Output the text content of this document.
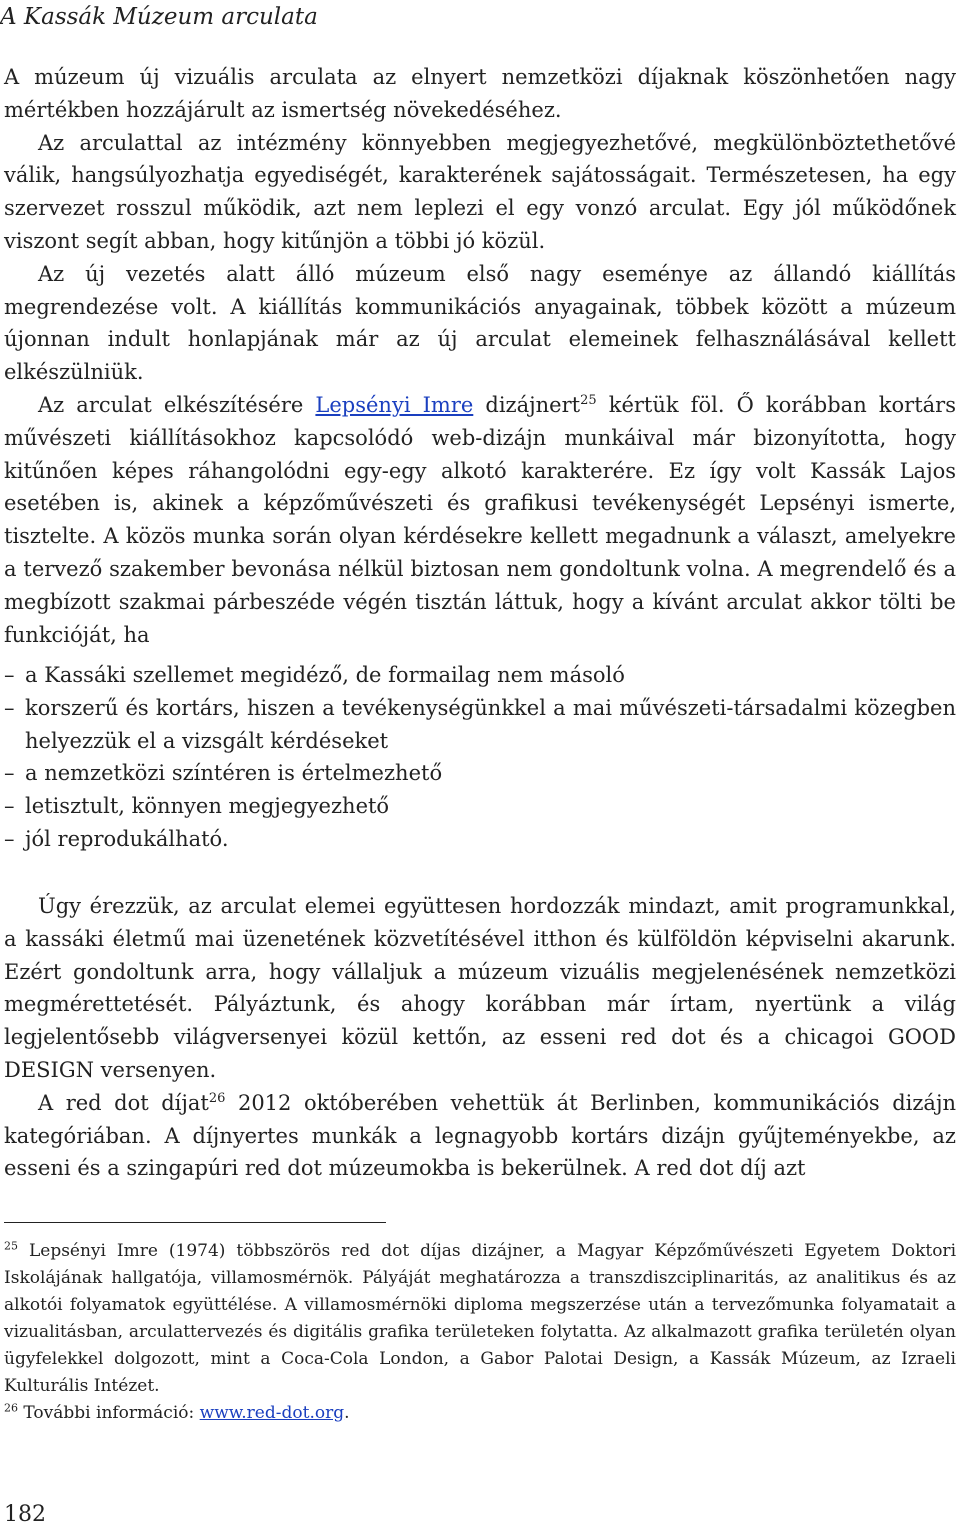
A Kassák Múzeum arculata

A múzeum új vizuális arculata az elnyert nemzetközi díjaknak köszönhetően nagy mértékben hozzájárult az ismertség növekedéséhez.

Az arculattal az intézmény könnyebben megjegyezhetővé, megkülönböztethetővé válik, hangsúlyozhatja egyediségét, karakterének sajátosságait. Természetesen, ha egy szervezet rosszul működik, azt nem leplezi el egy vonzó arculat. Egy jól működőnek viszont segít abban, hogy kitűnjön a többi jó közül.

Az új vezetés alatt álló múzeum első nagy eseménye az állandó kiállítás megrendezése volt. A kiállítás kommunikációs anyagainak, többek között a múzeum újonnan indult honlapjának már az új arculat elemeinek felhasználásával kellett elkészülniük.

Az arculat elkészítésére Lepsényi Imre dizájnert$^{25}$ kértük föl. Ő korábban kortárs művészeti kiállításokhoz kapcsolódó web-dizájn munkáival már bizonyította, hogy kitűnően képes ráhangolódni egy-egy alkotó karakterére. Ez így volt Kassák Lajos esetében is, akinek a képzőművészeti és grafikusi tevékenységét Lepsényi ismerte, tisztelte. A közös munka során olyan kérdésekre kellett megadnunk a választ, amelyekre a tervező szakember bevonása nélkül biztosan nem gondoltunk volna. A megrendelő és a megbízott szakmai párbeszéde végén tisztán láttuk, hogy a kívánt arculat akkor tölti be funkcióját, ha

– a Kassáki szellemet megidéző, de formailag nem másoló
– korszerű és kortárs, hiszen a tevékenységünkkel a mai művészeti-társadalmi közegben helyezzük el a vizsgált kérdéseket
– a nemzetközi színtéren is értelmezhető
– letisztult, könnyen megjegyezhető
– jól reprodukálható.

Úgy érezzük, az arculat elemei együttesen hordozzák mindazt, amit programunkkal, a kassáki életmű mai üzenetének közvetítésével itthon és külföldön képviselni akarunk. Ezért gondoltunk arra, hogy vállaljuk a múzeum vizuális megjelenésének nemzetközi megmérettetését. Pályáztunk, és ahogy korábban már írtam, nyertünk a világ legjelentősebb világversenyei közül kettőn, az esseni red dot és a chicagoi GOOD DESIGN versenyen.

A red dot díjat$^{26}$ 2012 októberében vehettük át Berlinben, kommunikációs dizájn kategóriában. A díjnyertes munkák a legnagyobb kortárs dizájn gyűjteményekbe, az esseni és a szingapúri red dot múzeumokba is bekerülnek. A red dot díj azt

$^{25}$ Lepsényi Imre (1974) többszörös red dot díjas dizájner, a Magyar Képzőművészeti Egyetem Doktori Iskolájának hallgatója, villamosmérnök. Pályáját meghatározza a transzdiszciplinaritás, az analitikus és az alkotói folyamatok együttélése. A villamosmérnöki diploma megszerzése után a tervezőmunka folyamatait a vizualitásban, arculattervezés és digitális grafika területeken folytatta. Az alkalmazott grafika területén olyan ügyfelekkel dolgozott, mint a Coca-Cola London, a Gabor Palotai Design, a Kassák Múzeum, az Izraeli Kulturális Intézet.

$^{26}$ További információ: www.red-dot.org.

182
